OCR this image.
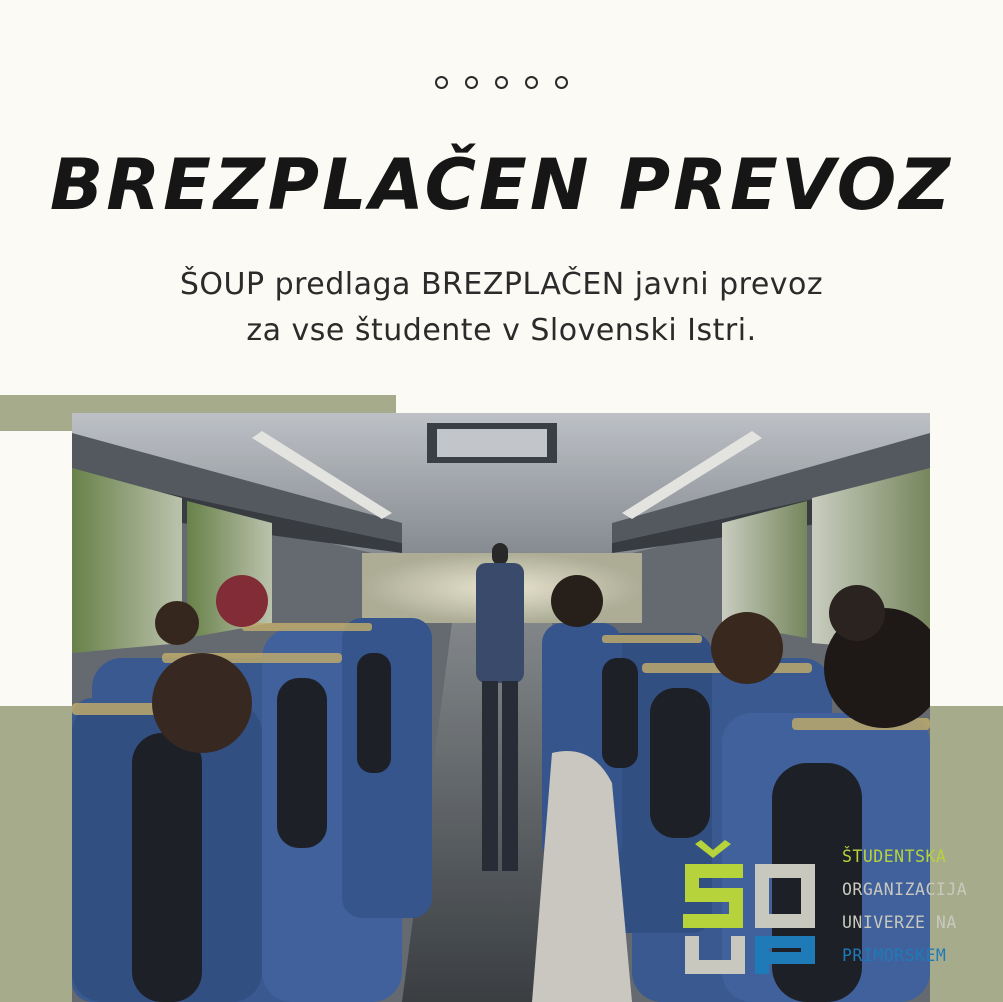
BREZPLAČEN PREVOZ

ŠOUP predlaga BREZPLAČEN javni prevoz
za vse študente v Slovenski Istri.

ŠTUDENTSKA
ORGANIZACIJA
UNIVERZE NA
PRIMORSKEM
